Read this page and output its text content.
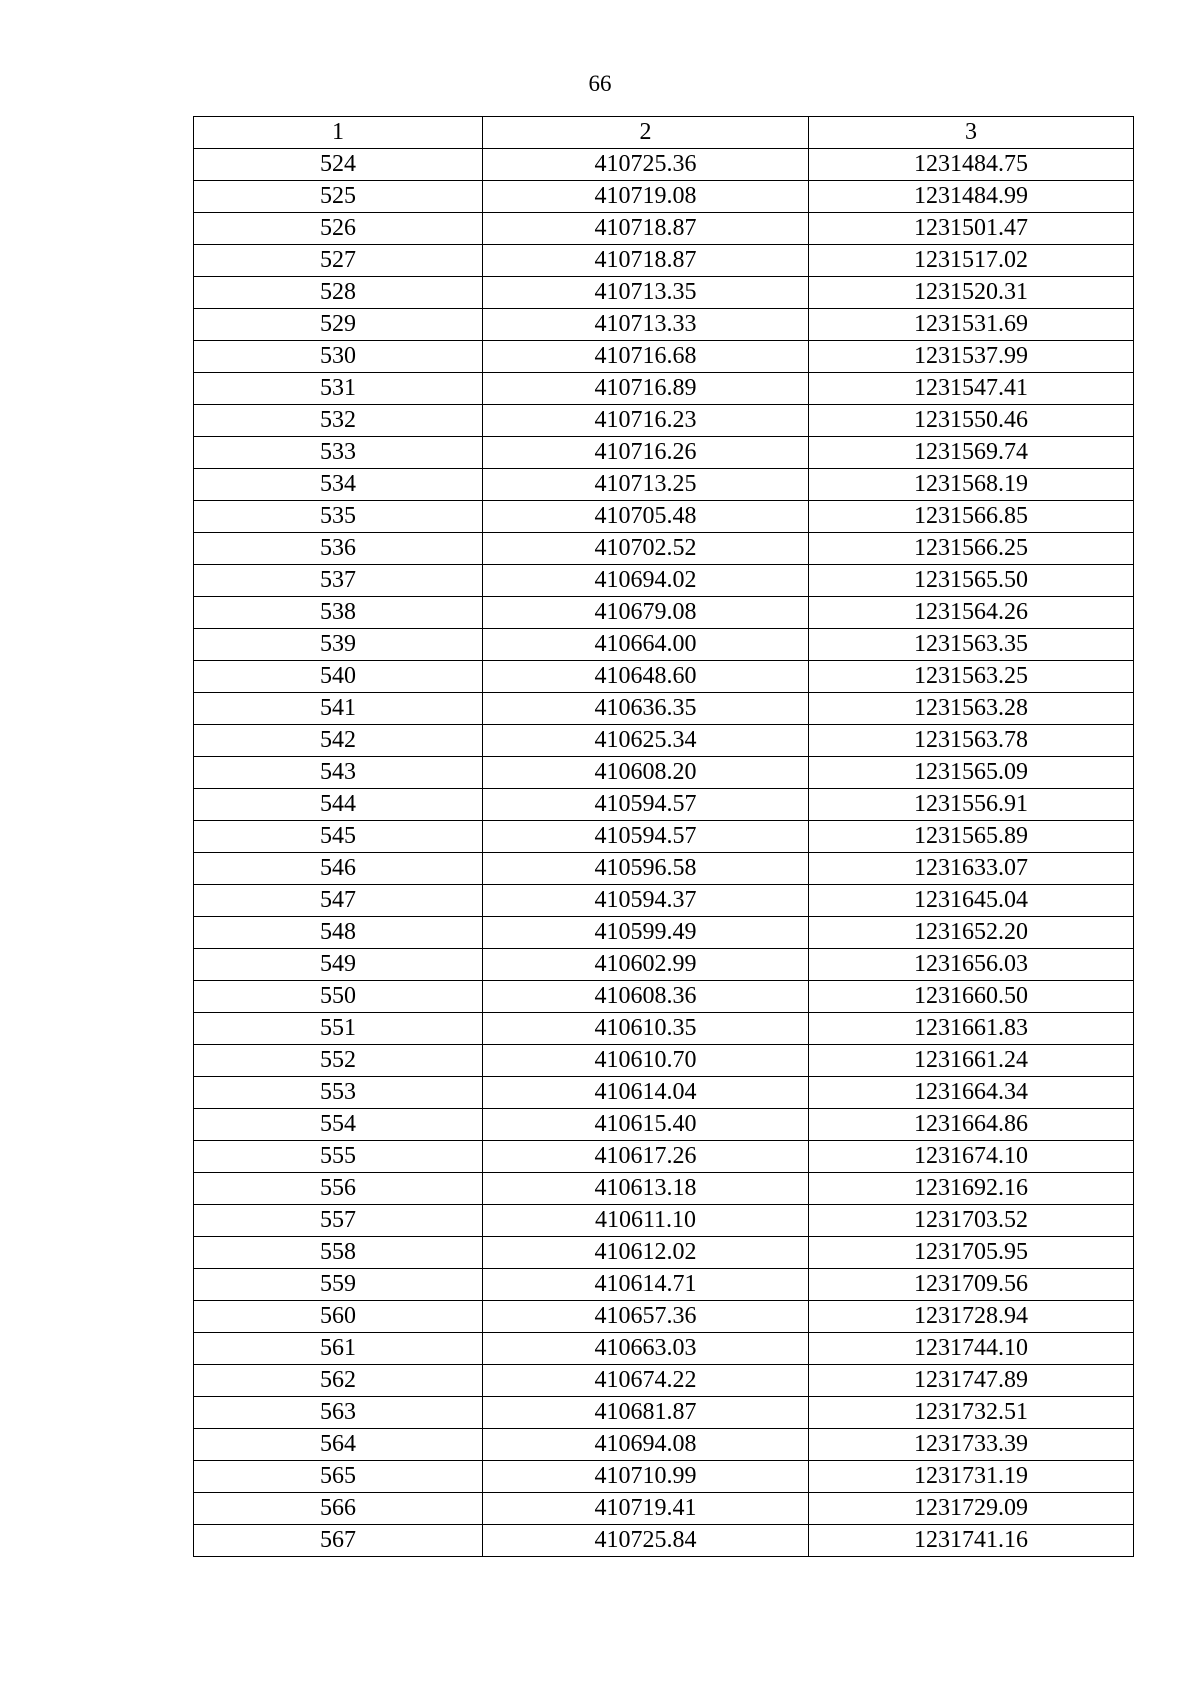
66
1	2	3
524	410725.36	1231484.75
525	410719.08	1231484.99
526	410718.87	1231501.47
527	410718.87	1231517.02
528	410713.35	1231520.31
529	410713.33	1231531.69
530	410716.68	1231537.99
531	410716.89	1231547.41
532	410716.23	1231550.46
533	410716.26	1231569.74
534	410713.25	1231568.19
535	410705.48	1231566.85
536	410702.52	1231566.25
537	410694.02	1231565.50
538	410679.08	1231564.26
539	410664.00	1231563.35
540	410648.60	1231563.25
541	410636.35	1231563.28
542	410625.34	1231563.78
543	410608.20	1231565.09
544	410594.57	1231556.91
545	410594.57	1231565.89
546	410596.58	1231633.07
547	410594.37	1231645.04
548	410599.49	1231652.20
549	410602.99	1231656.03
550	410608.36	1231660.50
551	410610.35	1231661.83
552	410610.70	1231661.24
553	410614.04	1231664.34
554	410615.40	1231664.86
555	410617.26	1231674.10
556	410613.18	1231692.16
557	410611.10	1231703.52
558	410612.02	1231705.95
559	410614.71	1231709.56
560	410657.36	1231728.94
561	410663.03	1231744.10
562	410674.22	1231747.89
563	410681.87	1231732.51
564	410694.08	1231733.39
565	410710.99	1231731.19
566	410719.41	1231729.09
567	410725.84	1231741.16
